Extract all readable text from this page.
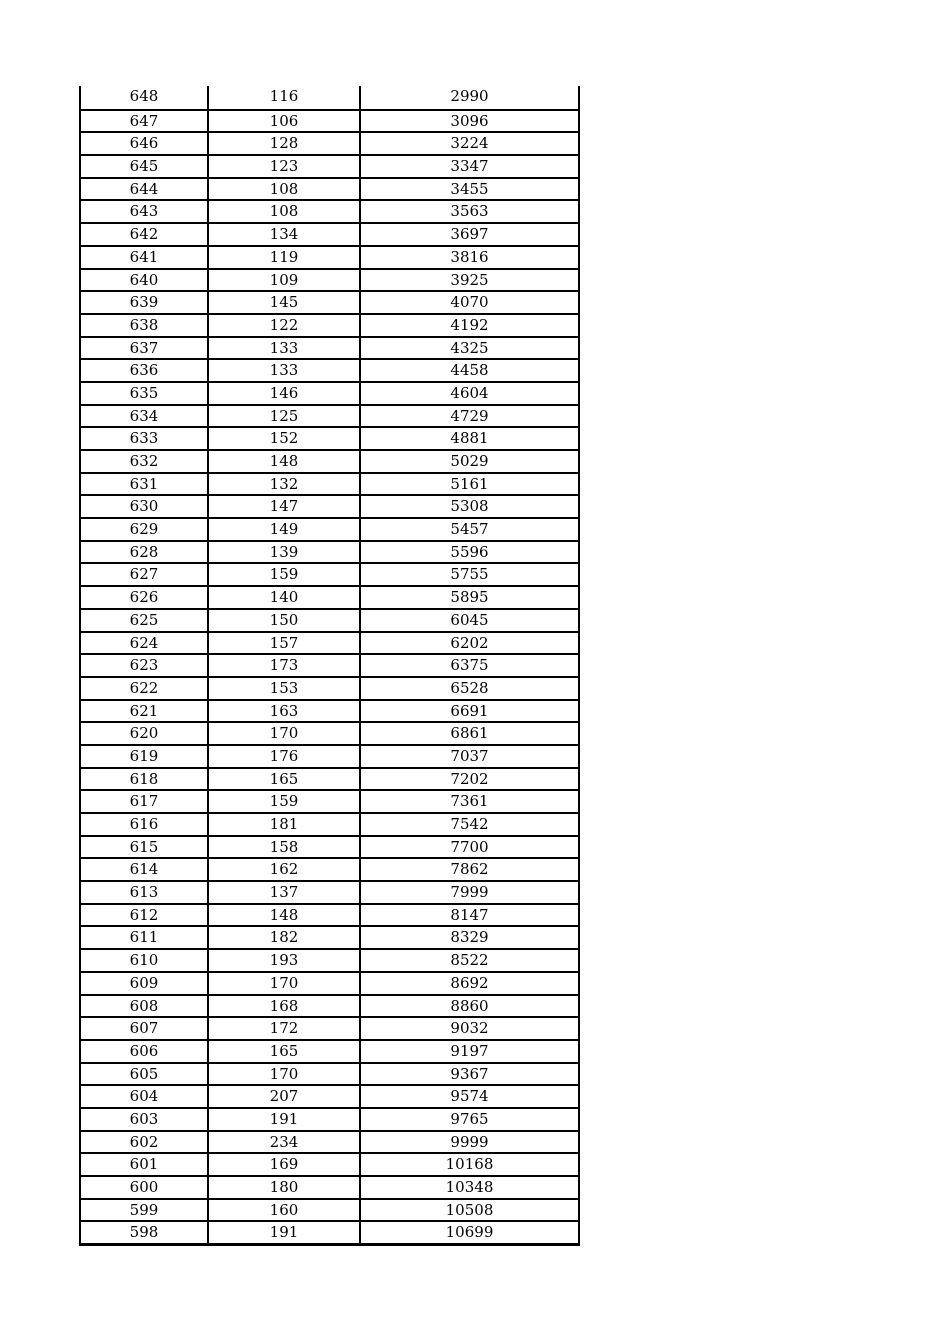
648	116	2990
647	106	3096
646	128	3224
645	123	3347
644	108	3455
643	108	3563
642	134	3697
641	119	3816
640	109	3925
639	145	4070
638	122	4192
637	133	4325
636	133	4458
635	146	4604
634	125	4729
633	152	4881
632	148	5029
631	132	5161
630	147	5308
629	149	5457
628	139	5596
627	159	5755
626	140	5895
625	150	6045
624	157	6202
623	173	6375
622	153	6528
621	163	6691
620	170	6861
619	176	7037
618	165	7202
617	159	7361
616	181	7542
615	158	7700
614	162	7862
613	137	7999
612	148	8147
611	182	8329
610	193	8522
609	170	8692
608	168	8860
607	172	9032
606	165	9197
605	170	9367
604	207	9574
603	191	9765
602	234	9999
601	169	10168
600	180	10348
599	160	10508
598	191	10699
